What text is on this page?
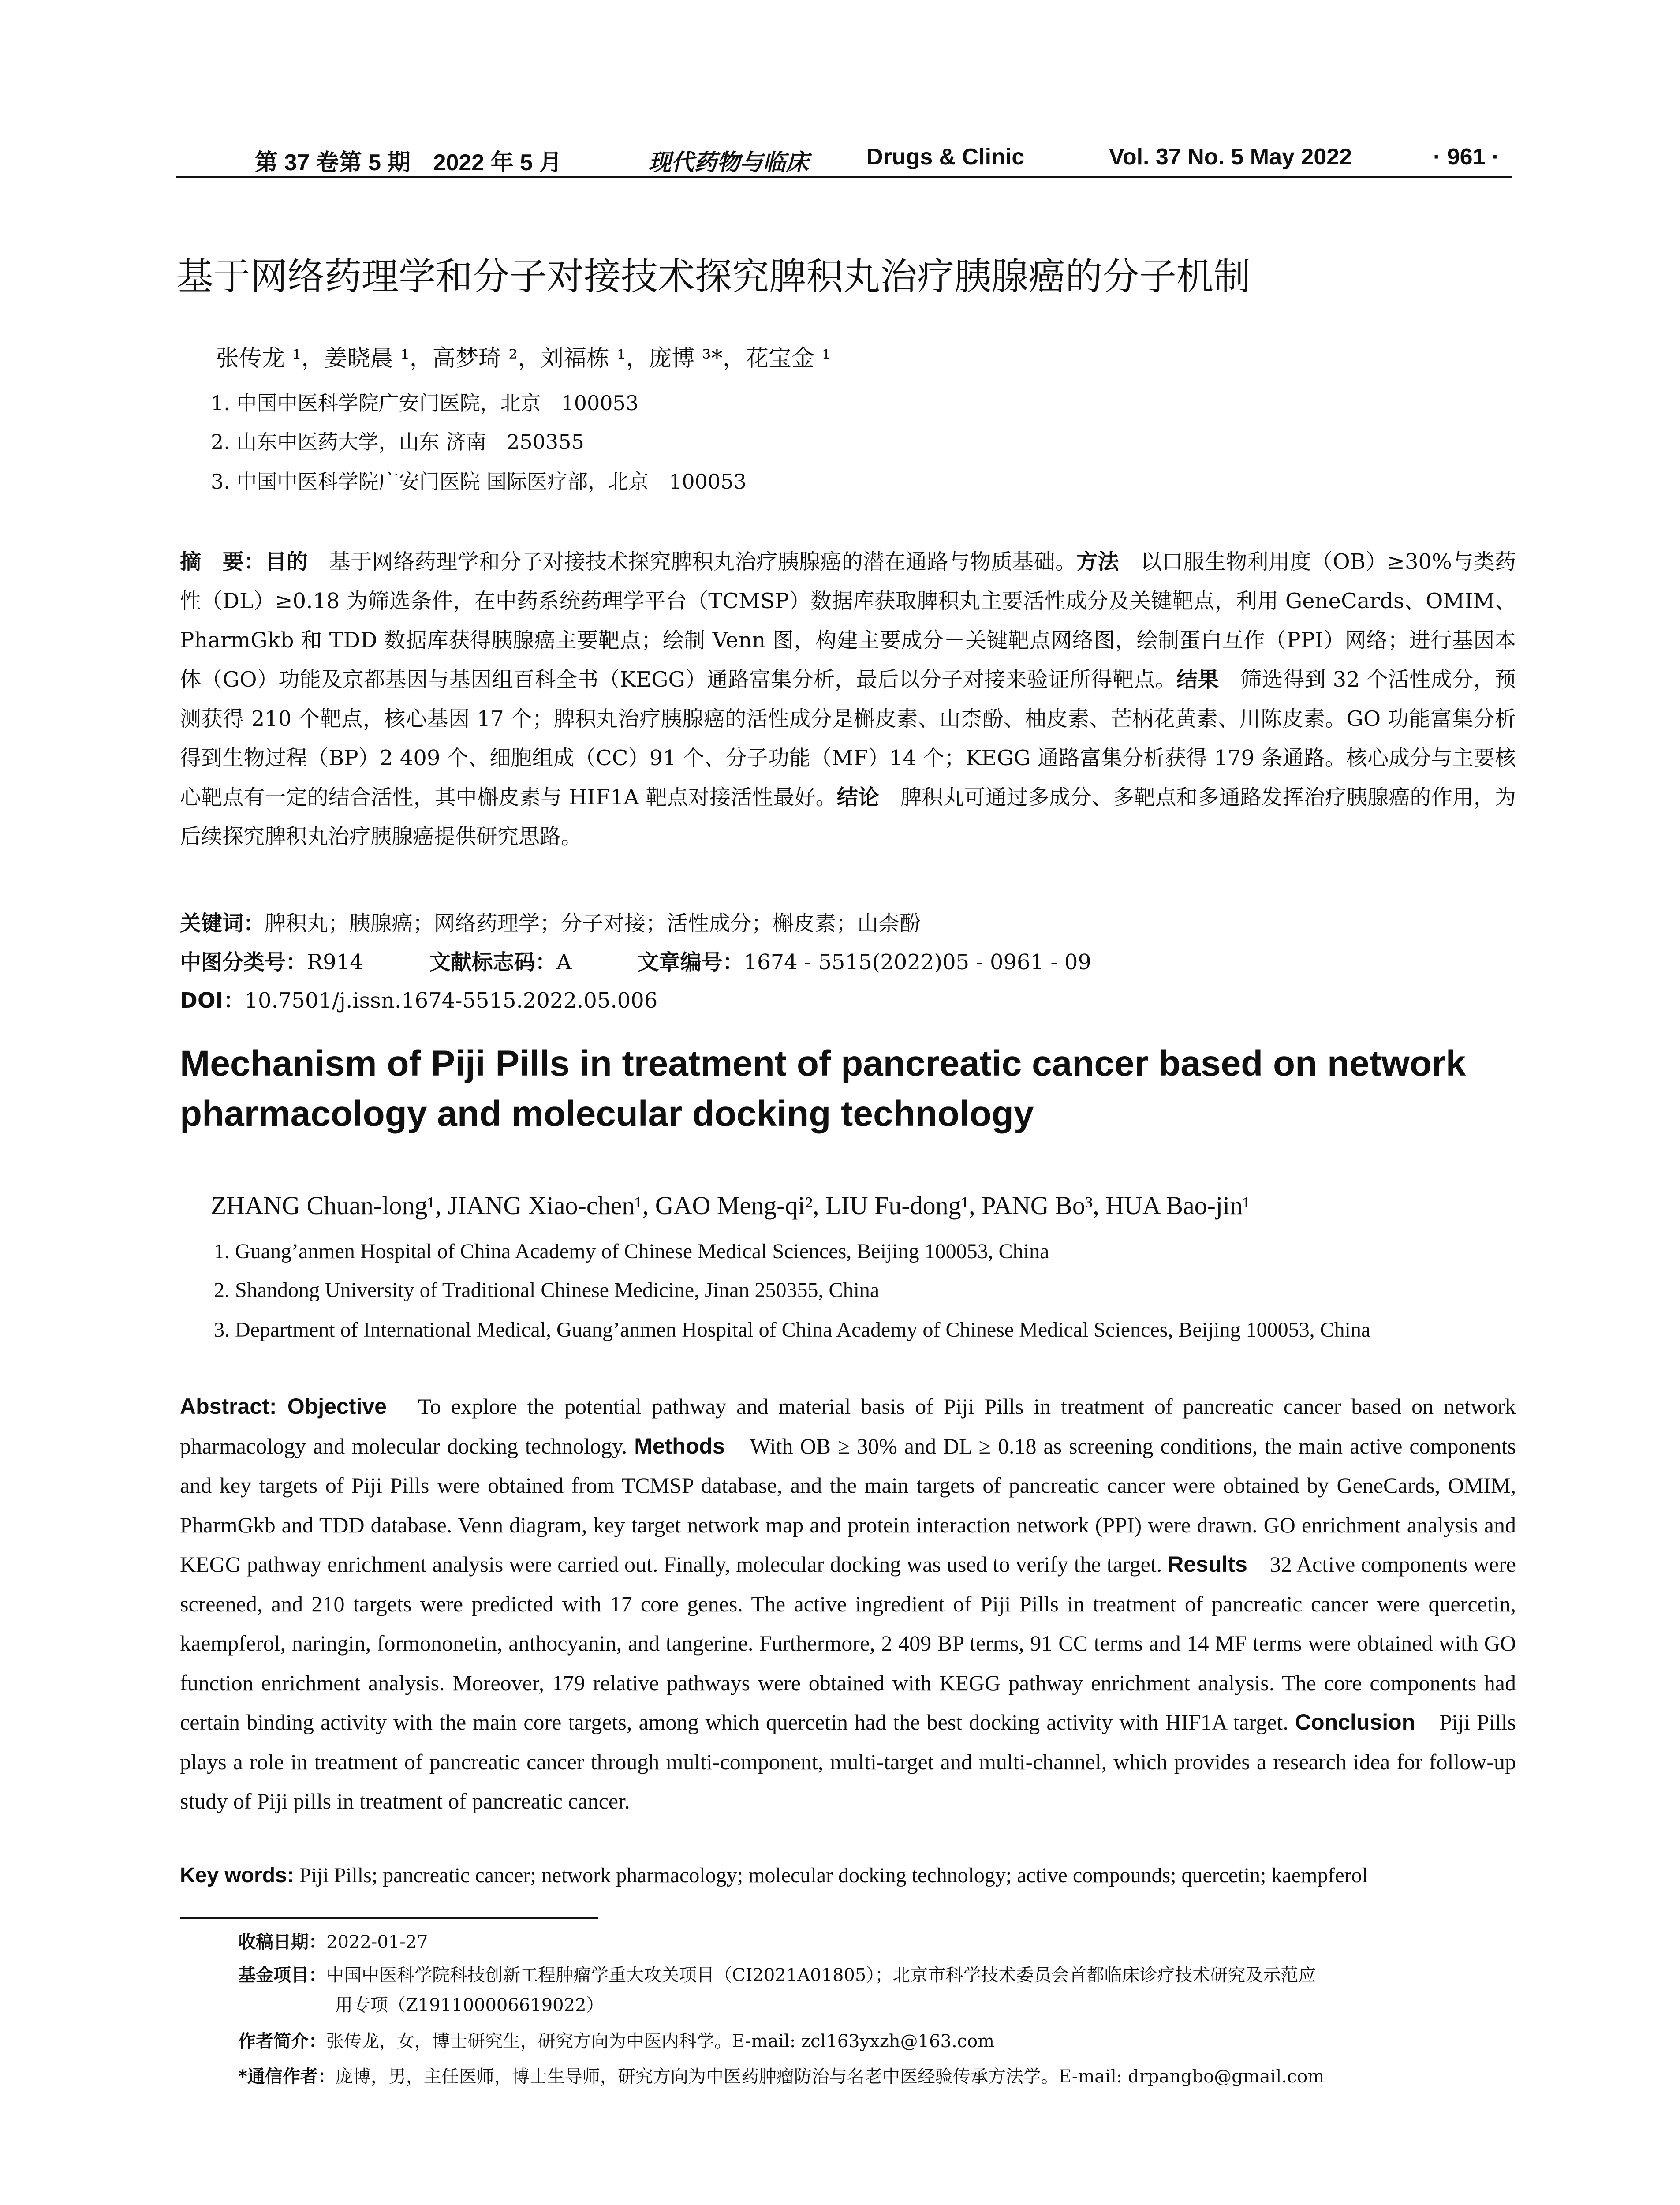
第 37 卷第 5 期　2022 年 5 月	现代药物与临床	Drugs & Clinic	Vol. 37 No. 5 May 2022	· 961 ·
基于网络药理学和分子对接技术探究脾积丸治疗胰腺癌的分子机制
张传龙 ¹，姜晓晨 ¹，高梦琦 ²，刘福栋 ¹，庞博 ³*，花宝金 ¹
1. 中国中医科学院广安门医院，北京　100053
2. 山东中医药大学，山东 济南　250355
3. 中国中医科学院广安门医院 国际医疗部，北京　100053

摘　要：目的　基于网络药理学和分子对接技术探究脾积丸治疗胰腺癌的潜在通路与物质基础。方法　以口服生物利用度（OB）≥30%与类药性（DL）≥0.18 为筛选条件，在中药系统药理学平台（TCMSP）数据库获取脾积丸主要活性成分及关键靶点，利用 GeneCards、OMIM、PharmGkb 和 TDD 数据库获得胰腺癌主要靶点；绘制 Venn 图，构建主要成分－关键靶点网络图，绘制蛋白互作（PPI）网络；进行基因本体（GO）功能及京都基因与基因组百科全书（KEGG）通路富集分析，最后以分子对接来验证所得靶点。结果　筛选得到 32 个活性成分，预测获得 210 个靶点，核心基因 17 个；脾积丸治疗胰腺癌的活性成分是槲皮素、山柰酚、柚皮素、芒柄花黄素、川陈皮素。GO 功能富集分析得到生物过程（BP）2 409 个、细胞组成（CC）91 个、分子功能（MF）14 个；KEGG 通路富集分析获得 179 条通路。核心成分与主要核心靶点有一定的结合活性，其中槲皮素与 HIF1A 靶点对接活性最好。结论　脾积丸可通过多成分、多靶点和多通路发挥治疗胰腺癌的作用，为后续探究脾积丸治疗胰腺癌提供研究思路。

关键词：脾积丸；胰腺癌；网络药理学；分子对接；活性成分；槲皮素；山柰酚
中图分类号：R914	文献标志码：A	文章编号：1674 - 5515(2022)05 - 0961 - 09
DOI：10.7501/j.issn.1674-5515.2022.05.006
Mechanism of Piji Pills in treatment of pancreatic cancer based on network pharmacology and molecular docking technology
ZHANG Chuan-long¹, JIANG Xiao-chen¹, GAO Meng-qi², LIU Fu-dong¹, PANG Bo³, HUA Bao-jin¹
1. Guang’anmen Hospital of China Academy of Chinese Medical Sciences, Beijing 100053, China
2. Shandong University of Traditional Chinese Medicine, Jinan 250355, China
3. Department of International Medical, Guang’anmen Hospital of China Academy of Chinese Medical Sciences, Beijing 100053, China

Abstract: Objective　To explore the potential pathway and material basis of Piji Pills in treatment of pancreatic cancer based on network pharmacology and molecular docking technology. Methods　With OB ≥ 30% and DL ≥ 0.18 as screening conditions, the main active components and key targets of Piji Pills were obtained from TCMSP database, and the main targets of pancreatic cancer were obtained by GeneCards, OMIM, PharmGkb and TDD database. Venn diagram, key target network map and protein interaction network (PPI) were drawn. GO enrichment analysis and KEGG pathway enrichment analysis were carried out. Finally, molecular docking was used to verify the target. Results　32 Active components were screened, and 210 targets were predicted with 17 core genes. The active ingredient of Piji Pills in treatment of pancreatic cancer were quercetin, kaempferol, naringin, formononetin, anthocyanin, and tangerine. Furthermore, 2 409 BP terms, 91 CC terms and 14 MF terms were obtained with GO function enrichment analysis. Moreover, 179 relative pathways were obtained with KEGG pathway enrichment analysis. The core components had certain binding activity with the main core targets, among which quercetin had the best docking activity with HIF1A target. Conclusion　Piji Pills plays a role in treatment of pancreatic cancer through multi-component, multi-target and multi-channel, which provides a research idea for follow-up study of Piji pills in treatment of pancreatic cancer.

Key words: Piji Pills; pancreatic cancer; network pharmacology; molecular docking technology; active compounds; quercetin; kaempferol
收稿日期：2022-01-27
基金项目：中国中医科学院科技创新工程肿瘤学重大攻关项目（CI2021A01805）；北京市科学技术委员会首都临床诊疗技术研究及示范应
用专项（Z191100006619022）
作者简介：张传龙，女，博士研究生，研究方向为中医内科学。E-mail: zcl163yxzh@163.com
*通信作者：庞博，男，主任医师，博士生导师，研究方向为中医药肿瘤防治与名老中医经验传承方法学。E-mail: drpangbo@gmail.com
